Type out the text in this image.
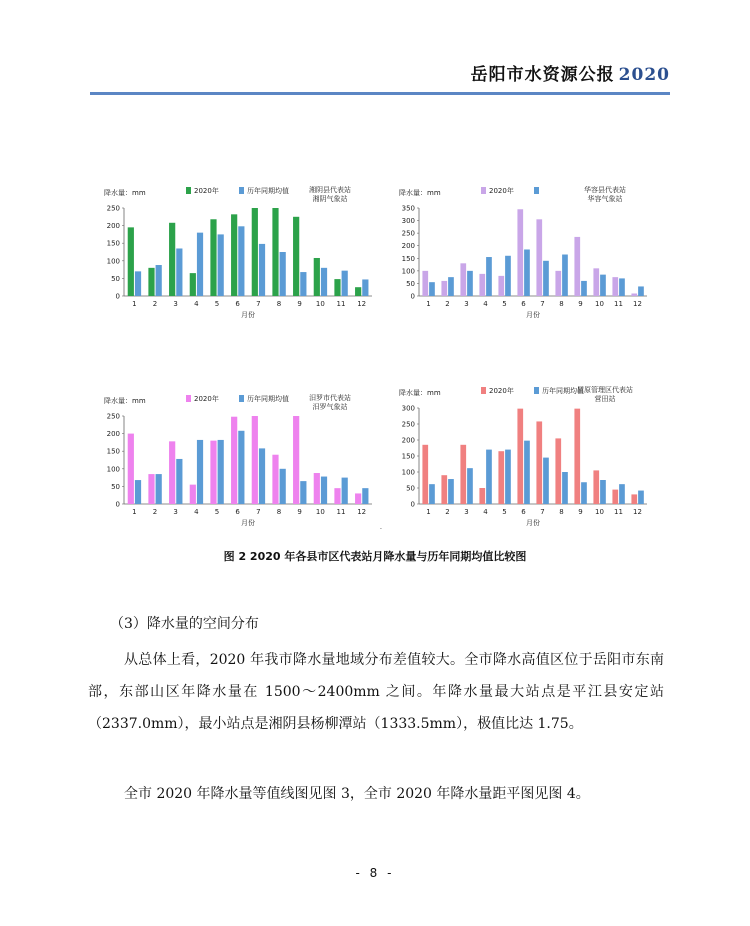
岳阳市水资源公报 2020
降水量：mm	2020年	历年同期均值	湘阴县代表站
湘阴气象站
0
50
100
150
200
250
1 2 3 4 5 6 7 8 9 10 11 12
月份
降水量：mm	2020年	华容县代表站
华容气象站
0
50
100
150
200
250
300
350
1 2 3 4 5 6 7 8 9 10 11 12
月份
降水量：mm	2020年	历年同期均值	汨罗市代表站
汨罗气象站
0
50
100
150
200
250
1 2 3 4 5 6 7 8 9 10 11 12
月份
降水量：mm	2020年	历年同期均值
屈原管理区代表站
营田站
0
50
100
150
200
250
300
1 2 3 4 5 6 7 8 9 10 11 12
月份
.
图 2 2020 年各县市区代表站月降水量与历年同期均值比较图
（3）降水量的空间分布
从总体上看，2020 年我市降水量地域分布差值较大。全市降水高值区位于岳阳市东南部，东部山区年降水量在 1500～2400mm 之间。年降水量最大站点是平江县安定站（2337.0mm），最小站点是湘阴县杨柳潭站（1333.5mm），极值比达 1.75。
全市 2020 年降水量等值线图见图 3，全市 2020 年降水量距平图见图 4。
- 8 -
